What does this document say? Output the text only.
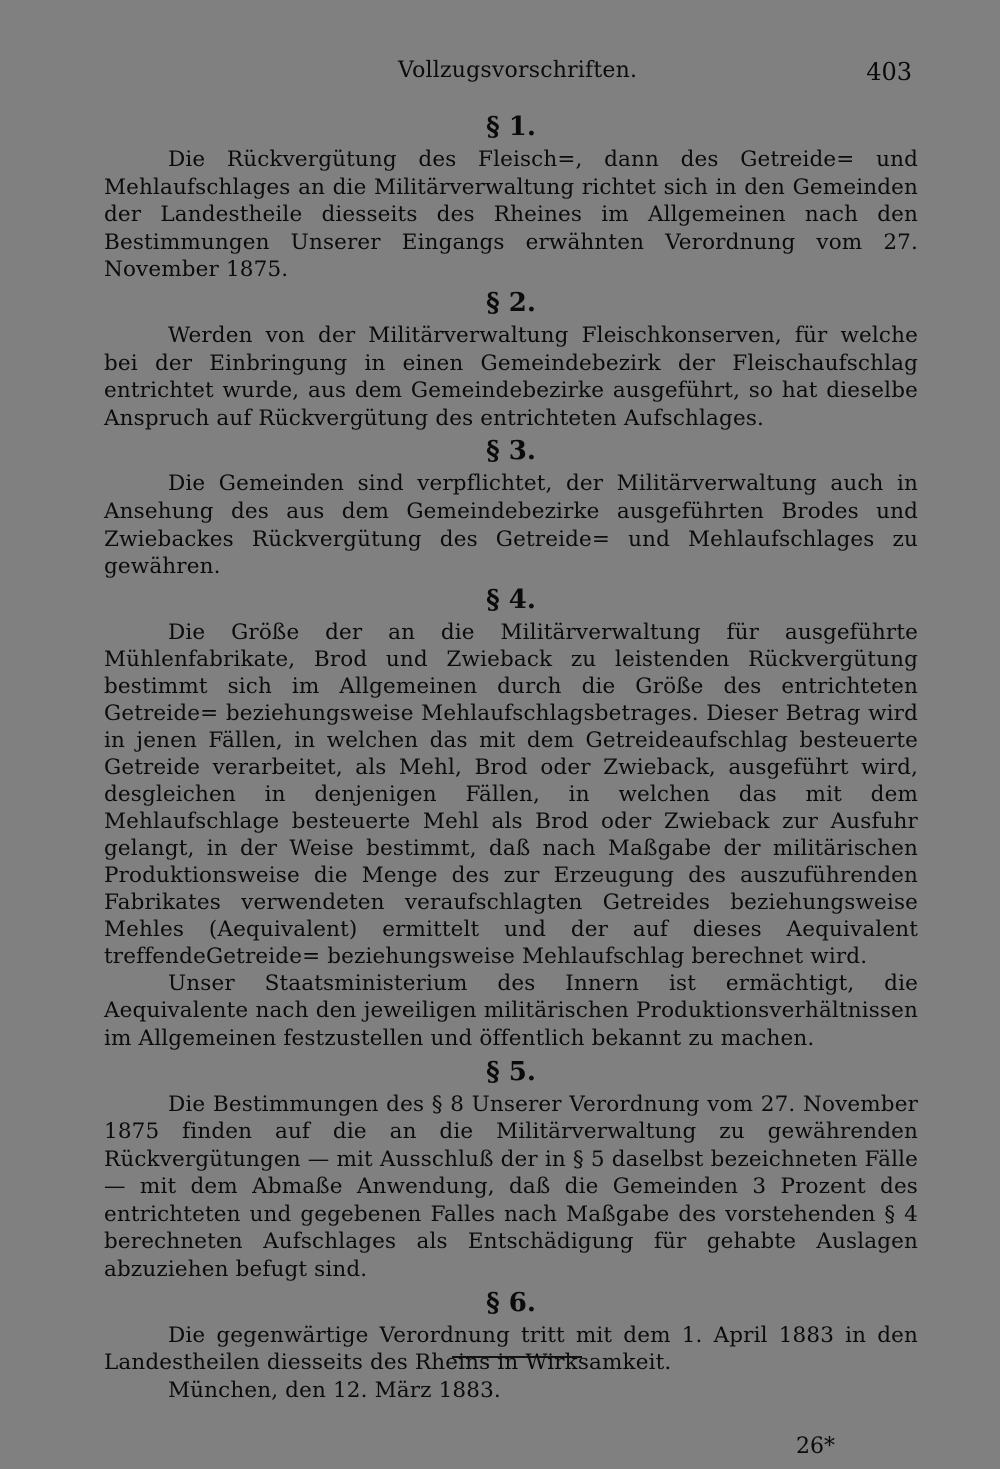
Vollzugsvorschriften.	403
§ 1.

Die Rückvergütung des Fleisch=, dann des Getreide= und Mehlaufschlages an die Militärverwaltung richtet sich in den Gemeinden der Landestheile diesseits des Rheines im Allgemeinen nach den Bestimmungen Unserer Eingangs erwähnten Verordnung vom 27. November 1875.

§ 2.

Werden von der Militärverwaltung Fleischkonserven, für welche bei der Einbringung in einen Gemeindebezirk der Fleischaufschlag entrichtet wurde, aus dem Gemeindebezirke ausgeführt, so hat dieselbe Anspruch auf Rückvergütung des entrichteten Aufschlages.

§ 3.

Die Gemeinden sind verpflichtet, der Militärverwaltung auch in Ansehung des aus dem Gemeindebezirke ausgeführten Brodes und Zwiebackes Rückvergütung des Getreide= und Mehlaufschlages zu gewähren.

§ 4.

Die Größe der an die Militärverwaltung für ausgeführte Mühlenfabrikate, Brod und Zwieback zu leistenden Rückvergütung bestimmt sich im Allgemeinen durch die Größe des entrichteten Getreide= beziehungsweise Mehlaufschlagsbetrages. Dieser Betrag wird in jenen Fällen, in welchen das mit dem Getreideaufschlag besteuerte Getreide verarbeitet, als Mehl, Brod oder Zwieback, ausgeführt wird, desgleichen in denjenigen Fällen, in welchen das mit dem Mehlaufschlage besteuerte Mehl als Brod oder Zwieback zur Ausfuhr gelangt, in der Weise bestimmt, daß nach Maßgabe der militärischen Produktionsweise die Menge des zur Erzeugung des auszuführenden Fabrikates verwendeten veraufschlagten Getreides beziehungsweise Mehles (Aequivalent) ermittelt und der auf dieses Aequivalent treffendeGetreide= beziehungsweise Mehlaufschlag berechnet wird.

Unser Staatsministerium des Innern ist ermächtigt, die Aequivalente nach den jeweiligen militärischen Produktionsverhältnissen im Allgemeinen festzustellen und öffentlich bekannt zu machen.

§ 5.

Die Bestimmungen des § 8 Unserer Verordnung vom 27. November 1875 finden auf die an die Militärverwaltung zu gewährenden Rückvergütungen — mit Ausschluß der in § 5 daselbst bezeichneten Fälle — mit dem Abmaße Anwendung, daß die Gemeinden 3 Prozent des entrichteten und gegebenen Falles nach Maßgabe des vorstehenden § 4 berechneten Aufschlages als Entschädigung für gehabte Auslagen abzuziehen befugt sind.

§ 6.

Die gegenwärtige Verordnung tritt mit dem 1. April 1883 in den Landestheilen diesseits des Rheins in Wirksamkeit.

München, den 12. März 1883.

26*
